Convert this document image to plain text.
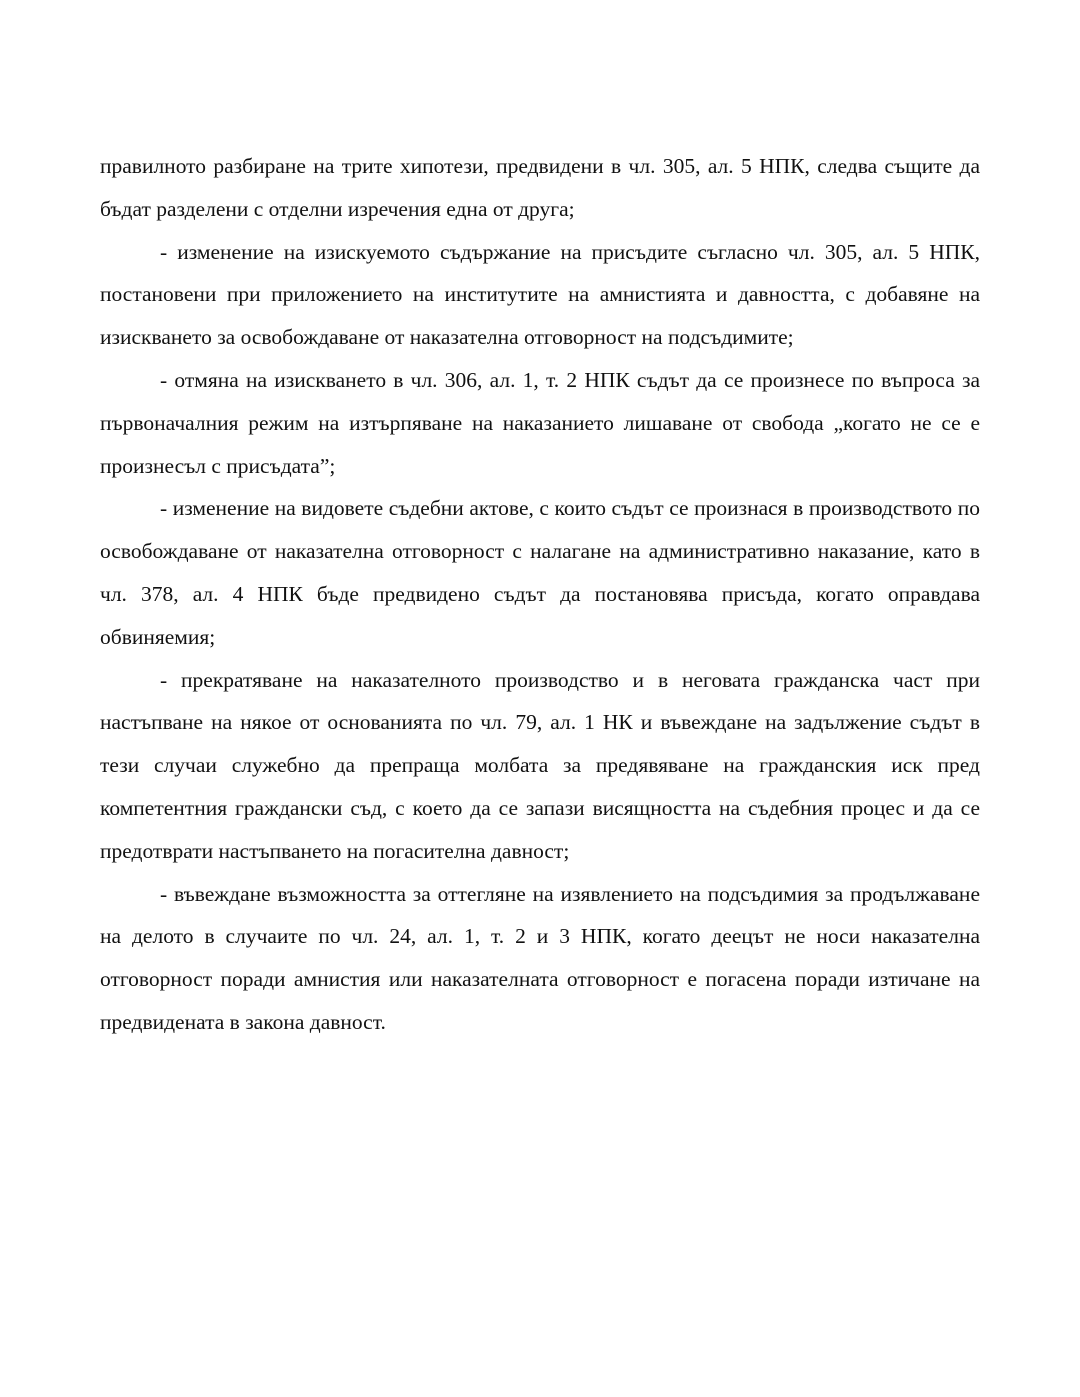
правилното разбиране на трите хипотези, предвидени в чл. 305, ал. 5 НПК, следва същите да бъдат разделени с отделни изречения една от друга;

- изменение на изискуемото съдържание на присъдите съгласно чл. 305, ал. 5 НПК, постановени при приложението на институтите на амнистията и давността, с добавяне на изискването за освобождаване от наказателна отговорност на подсъдимите;

- отмяна на изискването в чл. 306, ал. 1, т. 2 НПК съдът да се произнесе по въпроса за първоначалния режим на изтърпяване на наказанието лишаване от свобода „когато не се е произнесъл с присъдата”;

- изменение на видовете съдебни актове, с които съдът се произнася в производството по освобождаване от наказателна отговорност с налагане на административно наказание, като в чл. 378, ал. 4 НПК бъде предвидено съдът да постановява присъда, когато оправдава обвиняемия;

- прекратяване на наказателното производство и в неговата гражданска част при настъпване на някое от основанията по чл. 79, ал. 1 НК и въвеждане на задължение съдът в тези случаи служебно да препраща молбата за предявяване на гражданския иск пред компетентния граждански съд, с което да се запази висящността на съдебния процес и да се предотврати настъпването на погасителна давност;

- въвеждане възможността за оттегляне на изявлението на подсъдимия за продължаване на делото в случаите по чл. 24, ал. 1, т. 2 и 3 НПК, когато деецът не носи наказателна отговорност поради амнистия или наказателната отговорност е погасена поради изтичане на предвидената в закона давност.
